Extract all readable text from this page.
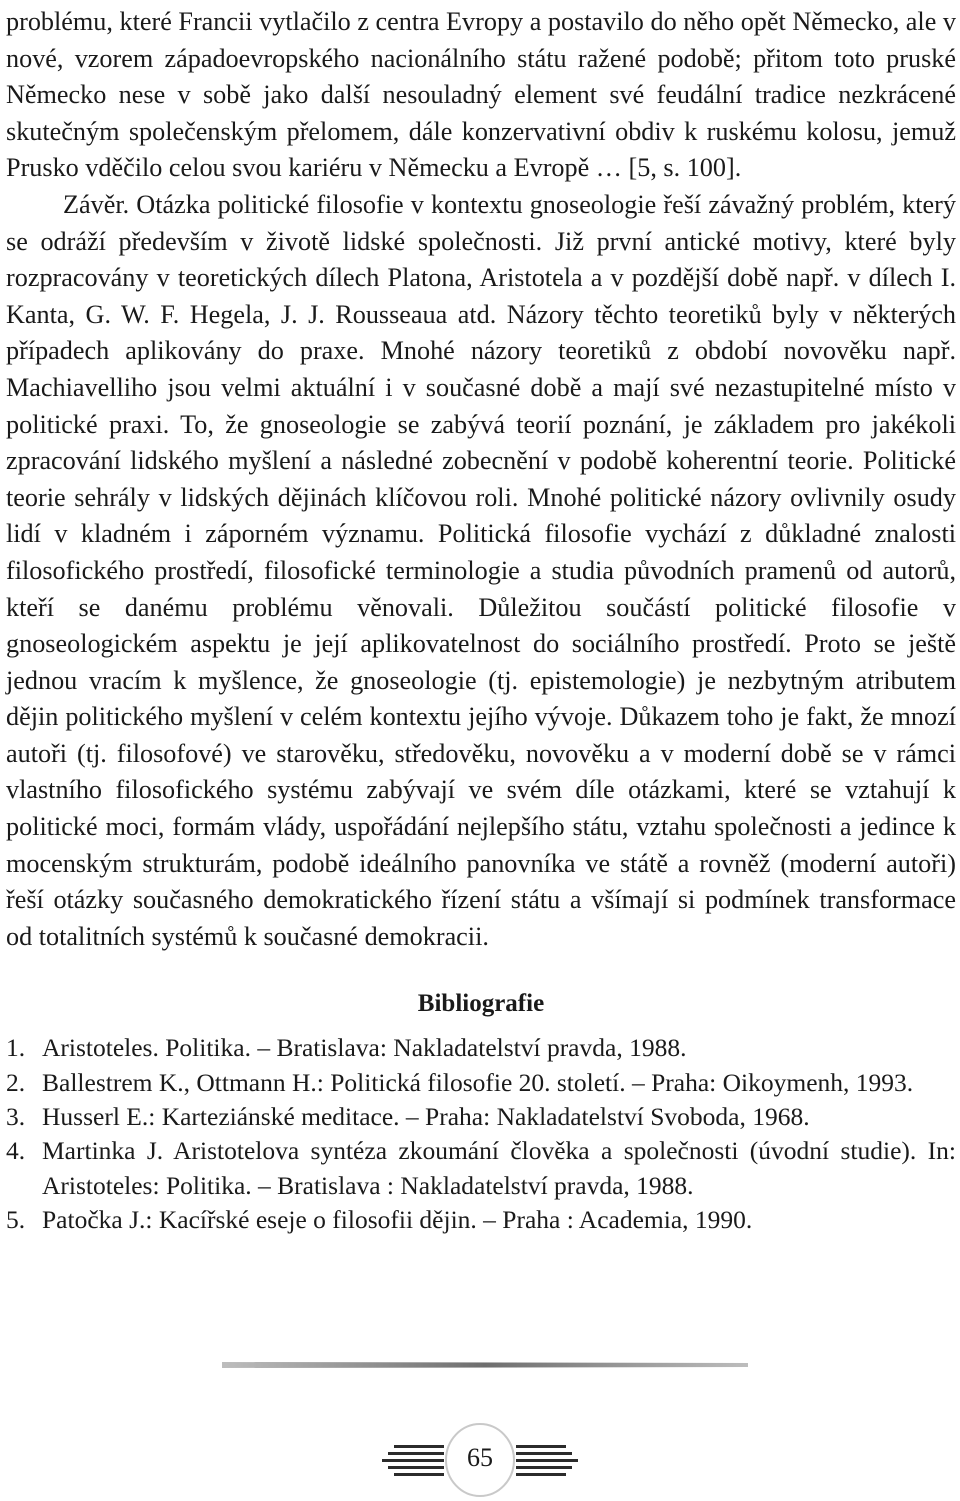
problému, které Francii vytlačilo z centra Evropy a postavilo do něho opět Německo, ale v nové, vzorem západoevropského nacionálního státu ražené podobě; přitom toto pruské Německo nese v sobě jako další nesouladný element své feudální tradice nezkrácené skutečným společenským přelomem, dále konzervativní obdiv k ruskému kolosu, jemuž Prusko vděčilo celou svou kariéru v Německu a Evropě … [5, s. 100].

Závěr. Otázka politické filosofie v kontextu gnoseologie řeší závažný problém, který se odráží především v životě lidské společnosti. Již první antické motivy, které byly rozpracovány v teoretických dílech Platona, Aristotela a v pozdější době např. v dílech I. Kanta, G. W. F. Hegela, J. J. Rousseaua atd. Názory těchto teoretiků byly v některých případech aplikovány do praxe. Mnohé názory teoretiků z období novověku např. Machiavelliho jsou velmi aktuální i v současné době a mají své nezastupitelné místo v politické praxi. To, že gnoseologie se zabývá teorií poznání, je základem pro jakékoli zpracování lidského myšlení a následné zobecnění v podobě koherentní teorie. Politické teorie sehrály v lidských dějinách klíčovou roli. Mnohé politické názory ovlivnily osudy lidí v kladném i záporném významu. Politická filosofie vychází z důkladné znalosti filosofického prostředí, filosofické terminologie a studia původních pramenů od autorů, kteří se danému problému věnovali. Důležitou součástí politické filosofie v gnoseologickém aspektu je její aplikovatelnost do sociálního prostředí. Proto se ještě jednou vracím k myšlence, že gnoseologie (tj. epistemologie) je nezbytným atributem dějin politického myšlení v celém kontextu jejího vývoje. Důkazem toho je fakt, že mnozí autoři (tj. filosofové) ve starověku, středověku, novověku a v moderní době se v rámci vlastního filosofického systému zabývají ve svém díle otázkami, které se vztahují k politické moci, formám vlády, uspořádání nejlepšího státu, vztahu společnosti a jedince k mocenským strukturám, podobě ideálního panovníka ve státě a rovněž (moderní autoři) řeší otázky současného demokratického řízení státu a všímají si podmínek transformace od totalitních systémů k současné demokracii.

Bibliografie
1. Aristoteles. Politika. – Bratislava: Nakladatelství pravda, 1988.
2. Ballestrem K., Ottmann H.: Politická filosofie 20. století. – Praha: Oikoymenh, 1993.
3. Husserl E.: Karteziánské meditace. – Praha: Nakladatelství Svoboda, 1968.
4. Martinka J. Aristotelova syntéza zkoumání člověka a společnosti (úvodní studie). In: Aristoteles: Politika. – Bratislava : Nakladatelství pravda, 1988.
5. Patočka J.: Kacířské eseje o filosofii dějin. – Praha : Academia, 1990.
65
